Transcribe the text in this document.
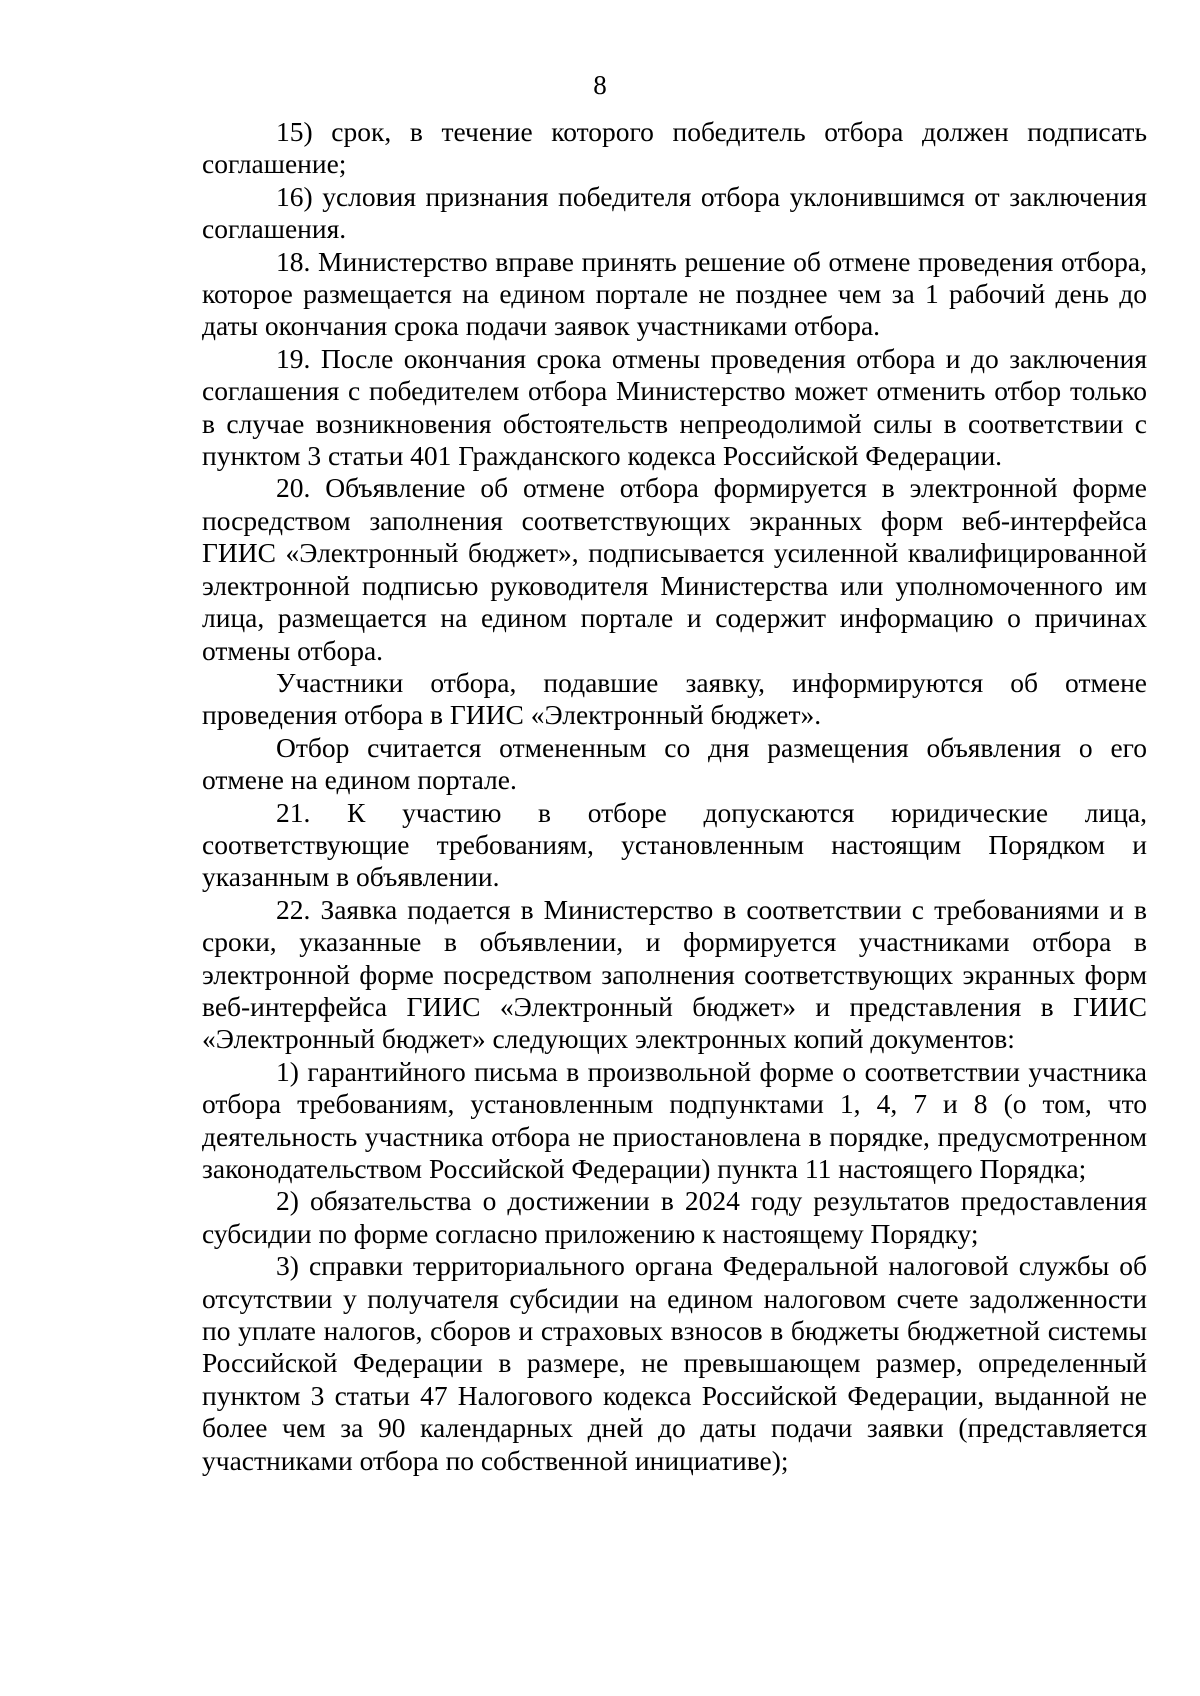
8

15) срок, в течение которого победитель отбора должен подписать соглашение;

16) условия признания победителя отбора уклонившимся от заключения соглашения.

18. Министерство вправе принять решение об отмене проведения отбора, которое размещается на едином портале не позднее чем за 1 рабочий день до даты окончания срока подачи заявок участниками отбора.

19. После окончания срока отмены проведения отбора и до заключения соглашения с победителем отбора Министерство может отменить отбор только в случае возникновения обстоятельств непреодолимой силы в соответствии с пунктом 3 статьи 401 Гражданского кодекса Российской Федерации.

20. Объявление об отмене отбора формируется в электронной форме посредством заполнения соответствующих экранных форм веб-интерфейса ГИИС «Электронный бюджет», подписывается усиленной квалифицированной электронной подписью руководителя Министерства или уполномоченного им лица, размещается на едином портале и содержит информацию о причинах отмены отбора.

Участники отбора, подавшие заявку, информируются об отмене проведения отбора в ГИИС «Электронный бюджет».

Отбор считается отмененным со дня размещения объявления о его отмене на едином портале.

21. К участию в отборе допускаются юридические лица, соответствующие требованиям, установленным настоящим Порядком и указанным в объявлении.

22. Заявка подается в Министерство в соответствии с требованиями и в сроки, указанные в объявлении, и формируется участниками отбора в электронной форме посредством заполнения соответствующих экранных форм веб-интерфейса ГИИС «Электронный бюджет» и представления в ГИИС «Электронный бюджет» следующих электронных копий документов:

1) гарантийного письма в произвольной форме о соответствии участника отбора требованиям, установленным подпунктами 1, 4, 7 и 8 (о том, что деятельность участника отбора не приостановлена в порядке, предусмотренном законодательством Российской Федерации) пункта 11 настоящего Порядка;

2) обязательства о достижении в 2024 году результатов предоставления субсидии по форме согласно приложению к настоящему Порядку;

3) справки территориального органа Федеральной налоговой службы об отсутствии у получателя субсидии на едином налоговом счете задолженности по уплате налогов, сборов и страховых взносов в бюджеты бюджетной системы Российской Федерации в размере, не превышающем размер, определенный пунктом 3 статьи 47 Налогового кодекса Российской Федерации, выданной не более чем за 90 календарных дней до даты подачи заявки (представляется участниками отбора по собственной инициативе);
